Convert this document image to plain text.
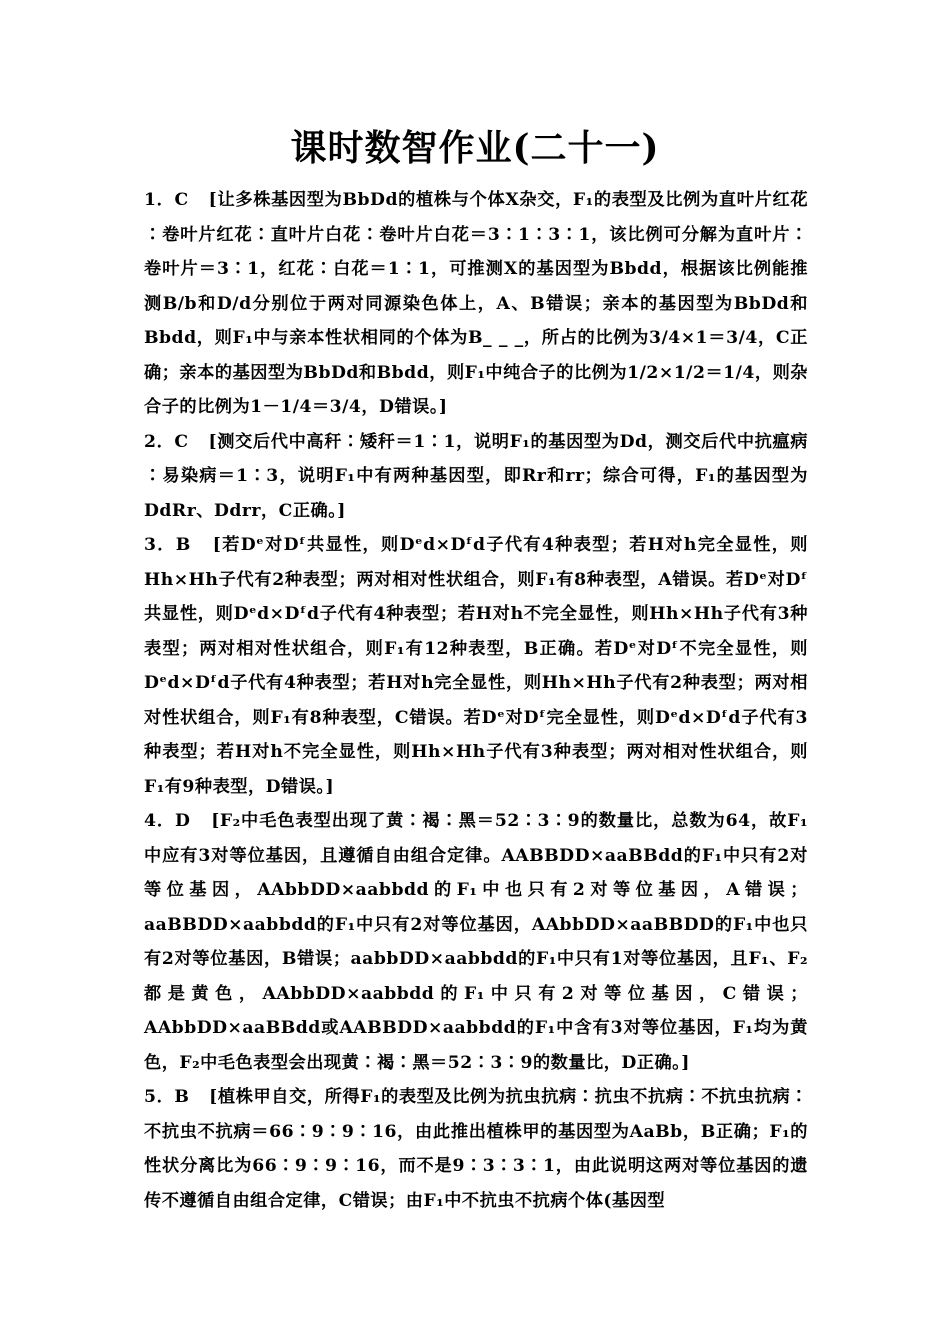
课时数智作业(二十一)

1．C [让多株基因型为BbDd的植株与个体X杂交，F₁的表型及比例为直叶片红花∶卷叶片红花∶直叶片白花∶卷叶片白花＝3∶1∶3∶1，该比例可分解为直叶片∶卷叶片＝3∶1，红花∶白花＝1∶1，可推测X的基因型为Bbdd，根据该比例能推测B/b和D/d分别位于两对同源染色体上，A、B错误；亲本的基因型为BbDd和Bbdd，则F₁中与亲本性状相同的个体为B_ _ _，所占的比例为3/4×1＝3/4，C正确；亲本的基因型为BbDd和Bbdd，则F₁中纯合子的比例为1/2×1/2＝1/4，则杂合子的比例为1－1/4＝3/4，D错误。]

2．C [测交后代中高秆∶矮秆＝1∶1，说明F₁的基因型为Dd，测交后代中抗瘟病∶易染病＝1∶3，说明F₁中有两种基因型，即Rr和rr；综合可得，F₁的基因型为DdRr、Ddrr，C正确。]

3．B [若Dᵉ对Dᶠ共显性，则Dᵉd×Dᶠd子代有4种表型；若H对h完全显性，则Hh×Hh子代有2种表型；两对相对性状组合，则F₁有8种表型，A错误。若Dᵉ对Dᶠ共显性，则Dᵉd×Dᶠd子代有4种表型；若H对h不完全显性，则Hh×Hh子代有3种表型；两对相对性状组合，则F₁有12种表型，B正确。若Dᵉ对Dᶠ不完全显性，则Dᵉd×Dᶠd子代有4种表型；若H对h完全显性，则Hh×Hh子代有2种表型；两对相对性状组合，则F₁有8种表型，C错误。若Dᵉ对Dᶠ完全显性，则Dᵉd×Dᶠd子代有3种表型；若H对h不完全显性，则Hh×Hh子代有3种表型；两对相对性状组合，则F₁有9种表型，D错误。]

4．D [F₂中毛色表型出现了黄∶褐∶黑＝52∶3∶9的数量比，总数为64，故F₁中应有3对等位基因，且遵循自由组合定律。AABBDD×aaBBdd的F₁中只有2对等位基因，AAbbDD×aabbdd的F₁中也只有2对等位基因，A错误；aaBBDD×aabbdd的F₁中只有2对等位基因，AAbbDD×aaBBDD的F₁中也只有2对等位基因，B错误；aabbDD×aabbdd的F₁中只有1对等位基因，且F₁、F₂都是黄色，AAbbDD×aabbdd的F₁中只有2对等位基因，C错误；AAbbDD×aaBBdd或AABBDD×aabbdd的F₁中含有3对等位基因，F₁均为黄色，F₂中毛色表型会出现黄∶褐∶黑＝52∶3∶9的数量比，D正确。]

5．B [植株甲自交，所得F₁的表型及比例为抗虫抗病∶抗虫不抗病∶不抗虫抗病∶不抗虫不抗病＝66∶9∶9∶16，由此推出植株甲的基因型为AaBb，B正确；F₁的性状分离比为66∶9∶9∶16，而不是9∶3∶3∶1，由此说明这两对等位基因的遗传不遵循自由组合定律，C错误；由F₁中不抗虫不抗病个体(基因型
